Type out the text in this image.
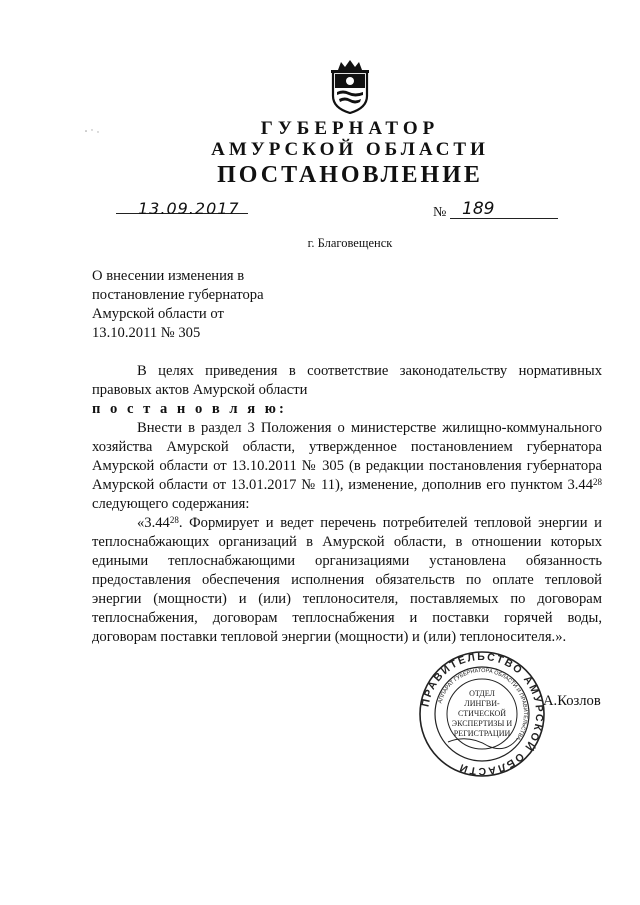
ГУБЕРНАТОР
АМУРСКОЙ ОБЛАСТИ
ПОСТАНОВЛЕНИЕ
13.09.2017	№ 189
г. Благовещенск
О внесении изменения в
постановление губернатора
Амурской области от
13.10.2011 № 305

В целях приведения в соответствие законодательству нормативных правовых актов Амурской области

п о с т а н о в л я ю:

Внести в раздел 3 Положения о министерстве жилищно-коммунального хозяйства Амурской области, утвержденное постановлением губернатора Амурской области от 13.10.2011 № 305 (в редакции постановления губернатора Амурской области от 13.01.2017 № 11), изменение, дополнив его пунктом 3.44$^{28}$ следующего содержания:

«3.44$^{28}$. Формирует и ведет перечень потребителей тепловой энергии и теплоснабжающих организаций в Амурской области, в отношении которых едиными теплоснабжающими организациями установлена обязанность предоставления обеспечения исполнения обязательств по оплате тепловой энергии (мощности) и (или) теплоносителя, поставляемых по договорам теплоснабжения, договорам теплоснабжения и поставки горячей воды, договорам поставки тепловой энергии (мощности) и (или) теплоносителя.».

ПРАВИТЕЛЬСТВО АМУРСКОЙ ОБЛАСТИ
АППАРАТ ГУБЕРНАТОРА ОБЛАСТИ И ПРАВИТЕЛЬСТВА
ОТДЕЛ
ЛИНГВИ-
СТИЧЕСКОЙ
ЭКСПЕРТИЗЫ И
РЕГИСТРАЦИИ
А.Козлов
